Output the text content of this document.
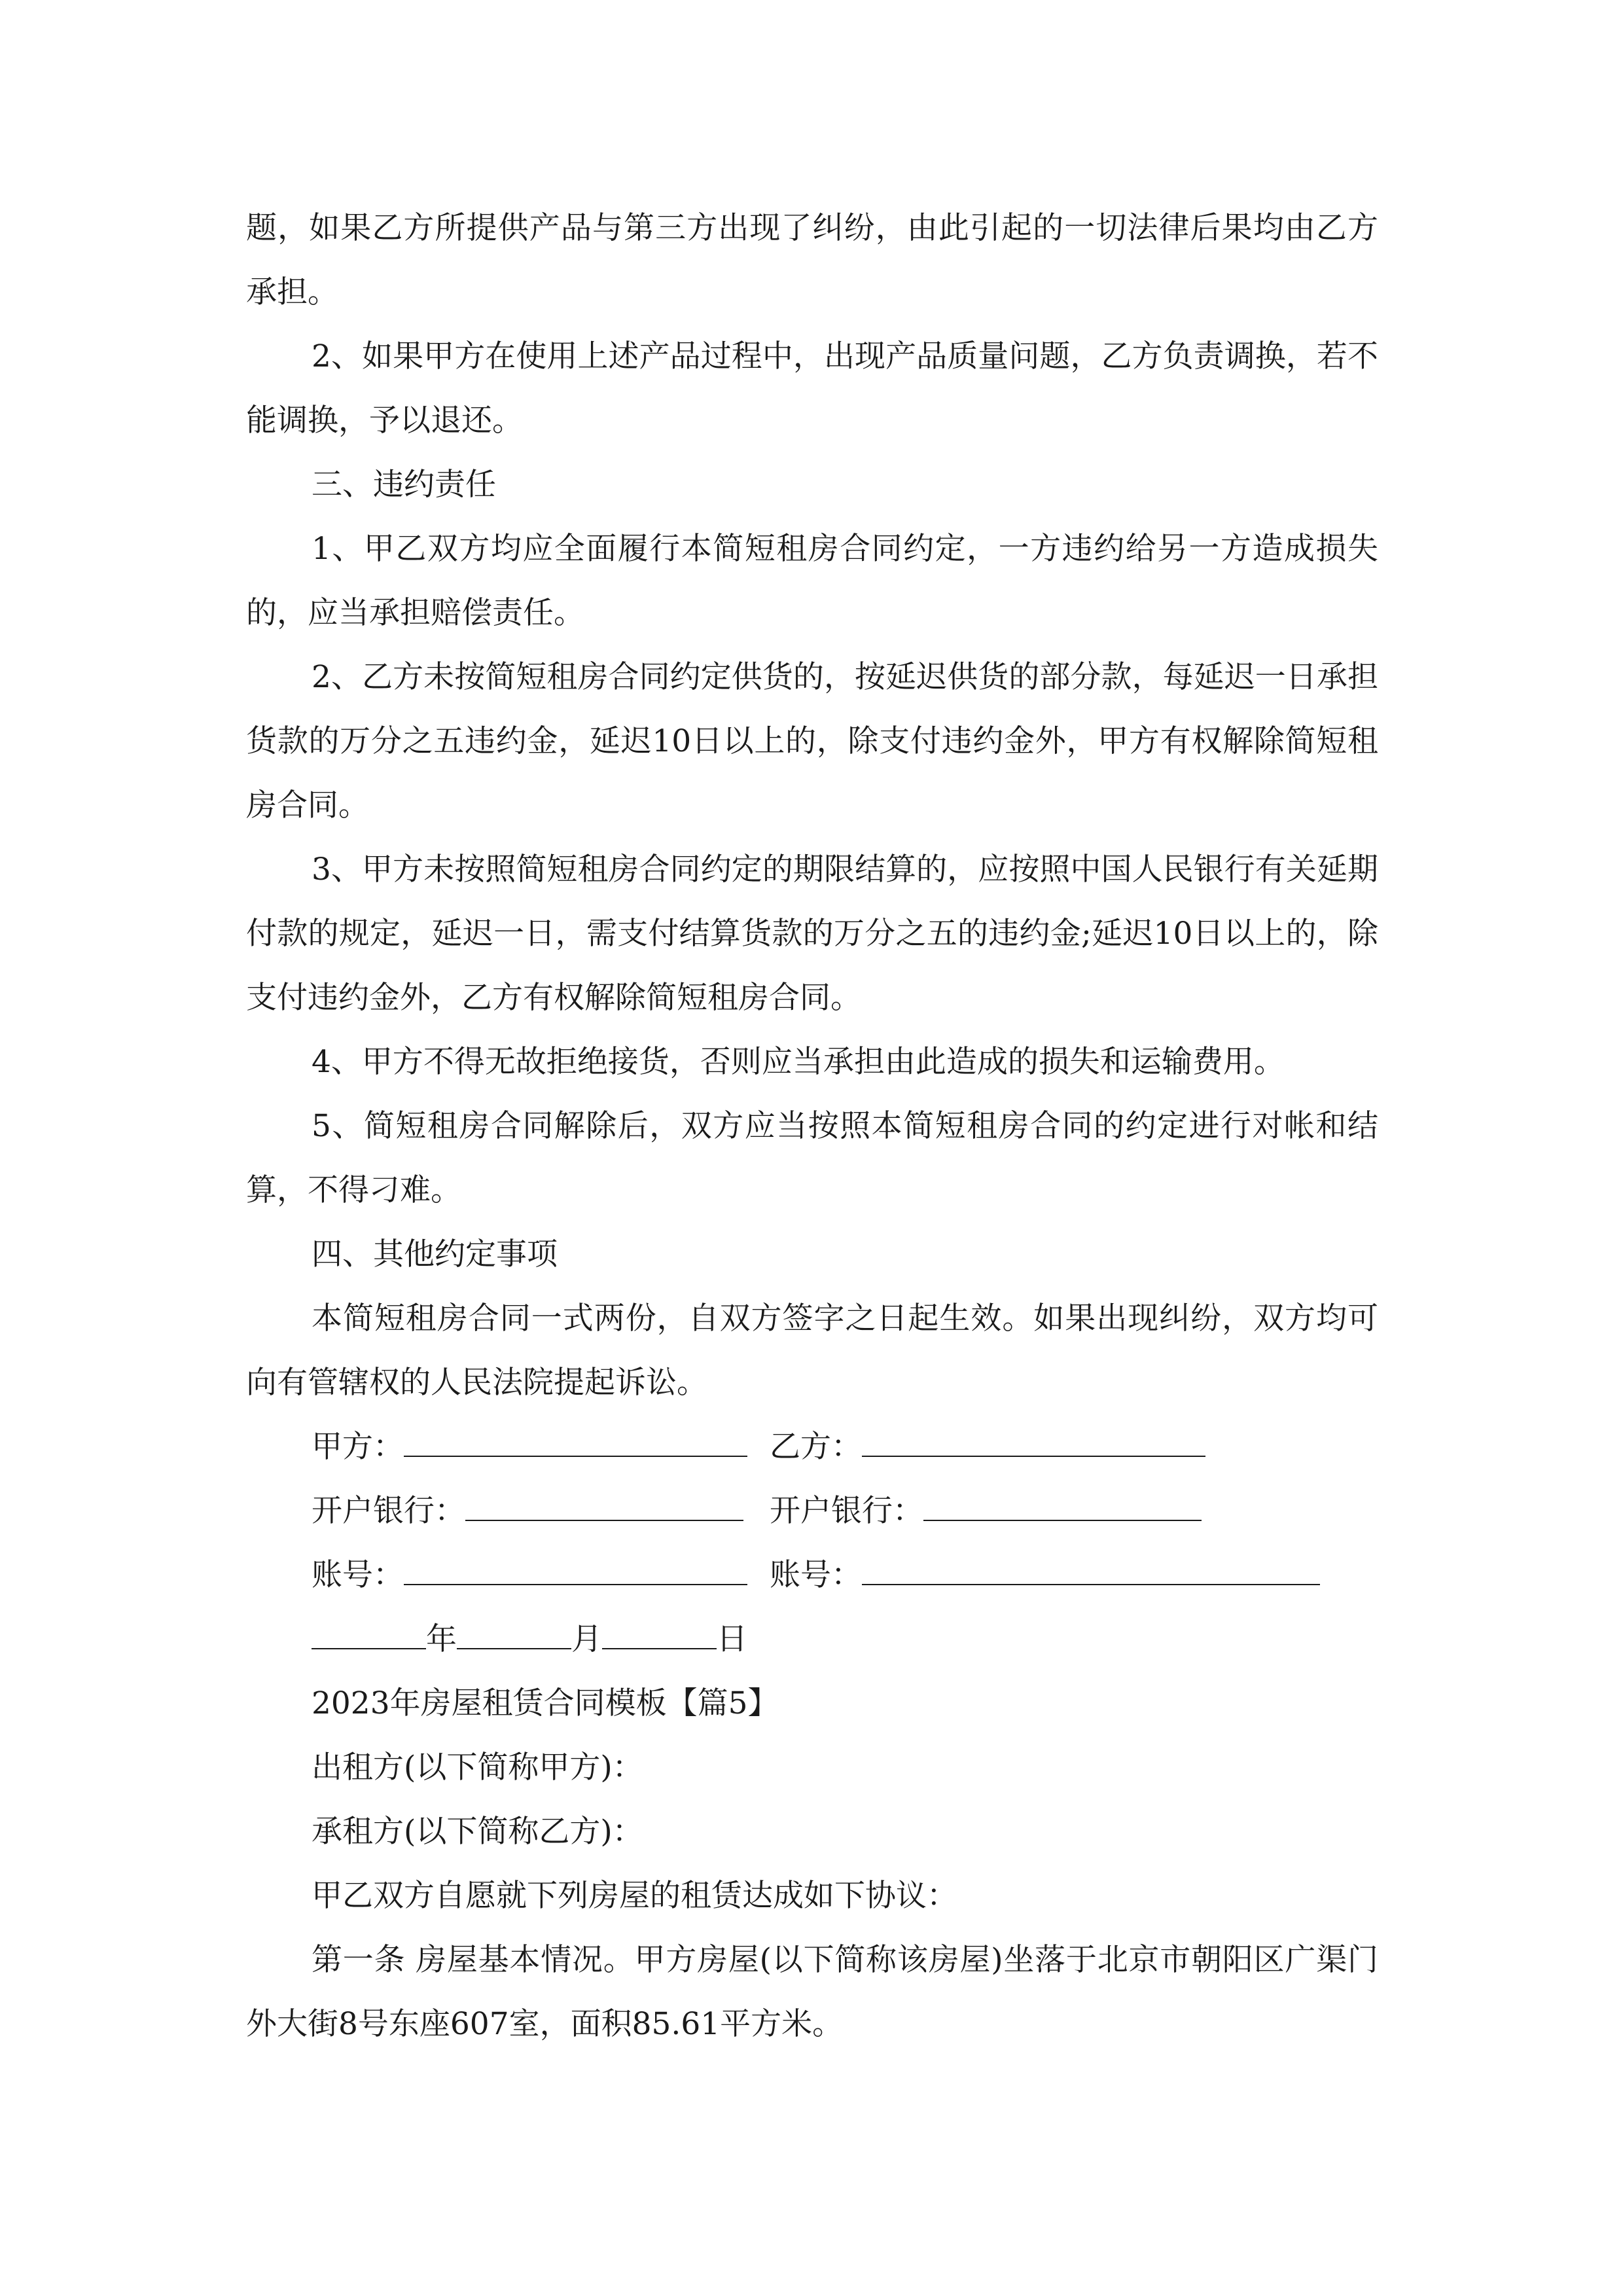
题，如果乙方所提供产品与第三方出现了纠纷，由此引起的一切法律后果均由乙方承担。

2、如果甲方在使用上述产品过程中，出现产品质量问题，乙方负责调换，若不能调换，予以退还。

三、违约责任

1、甲乙双方均应全面履行本简短租房合同约定，一方违约给另一方造成损失的，应当承担赔偿责任。

2、乙方未按简短租房合同约定供货的，按延迟供货的部分款，每延迟一日承担货款的万分之五违约金，延迟10日以上的，除支付违约金外，甲方有权解除简短租房合同。

3、甲方未按照简短租房合同约定的期限结算的，应按照中国人民银行有关延期付款的规定，延迟一日，需支付结算货款的万分之五的违约金;延迟10日以上的，除支付违约金外，乙方有权解除简短租房合同。

4、甲方不得无故拒绝接货，否则应当承担由此造成的损失和运输费用。

5、简短租房合同解除后，双方应当按照本简短租房合同的约定进行对帐和结算，不得刁难。

四、其他约定事项

本简短租房合同一式两份，自双方签字之日起生效。如果出现纠纷，双方均可向有管辖权的人民法院提起诉讼。

甲方：	乙方：
开户银行：	开户银行：
账号：	账号：
年	月	日

2023年房屋租赁合同模板【篇5】

出租方(以下简称甲方)：

承租方(以下简称乙方)：

甲乙双方自愿就下列房屋的租赁达成如下协议：

第一条 房屋基本情况。甲方房屋(以下简称该房屋)坐落于北京市朝阳区广渠门外大街8号东座607室，面积85.61平方米。
